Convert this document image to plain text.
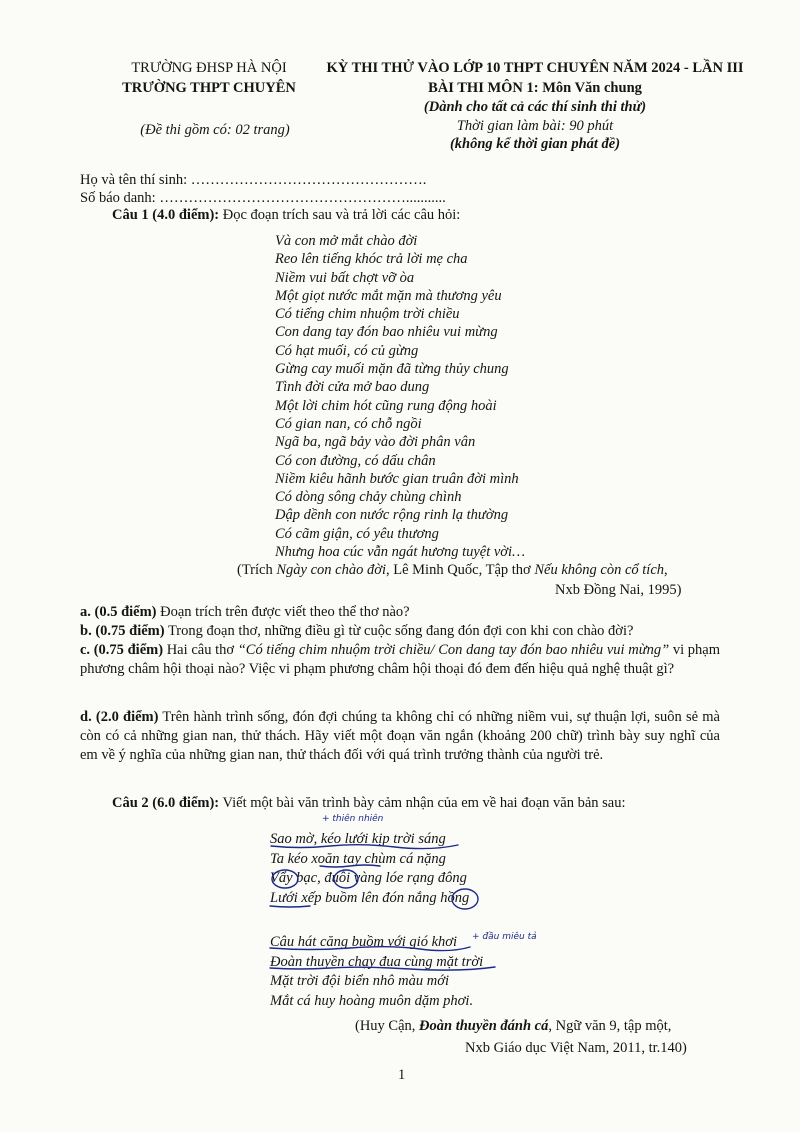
TRƯỜNG ĐHSP HÀ NỘI
TRƯỜNG THPT CHUYÊN
(Đề thi gồm có: 02 trang)
KỲ THI THỬ VÀO LỚP 10 THPT CHUYÊN NĂM 2024 - LẦN III
BÀI THI MÔN 1: Môn Văn chung
(Dành cho tất cả các thí sinh thi thử)
Thời gian làm bài: 90 phút
(không kể thời gian phát đề)
Họ và tên thí sinh: ………………………………………….
Số báo danh: ……………………………………………...........
Câu 1 (4.0 điểm): Đọc đoạn trích sau và trả lời các câu hỏi:
Và con mở mắt chào đời
Reo lên tiếng khóc trả lời mẹ cha
Niềm vui bất chợt vỡ òa
Một giọt nước mắt mặn mà thương yêu
Có tiếng chim nhuộm trời chiều
Con dang tay đón bao nhiêu vui mừng
Có hạt muối, có củ gừng
Gừng cay muối mặn đã từng thủy chung
Tình đời cửa mở bao dung
Một lời chim hót cũng rung động hoài
Có gian nan, có chỗ ngồi
Ngã ba, ngã bảy vào đời phân vân
Có con đường, có dấu chân
Niềm kiêu hãnh bước gian truân đời mình
Có dòng sông chảy chùng chình
Dập dềnh con nước rộng rinh lạ thường
Có cãm giận, có yêu thương
Nhưng hoa cúc vẫn ngát hương tuyệt vời…
(Trích Ngày con chào đời, Lê Minh Quốc, Tập thơ Nếu không còn cổ tích,
Nxb Đồng Nai, 1995)
a. (0.5 điểm) Đoạn trích trên được viết theo thể thơ nào?
b. (0.75 điểm) Trong đoạn thơ, những điều gì từ cuộc sống đang đón đợi con khi con chào đời?
c. (0.75 điểm) Hai câu thơ “Có tiếng chim nhuộm trời chiều/ Con dang tay đón bao nhiêu vui mừng” vi phạm phương châm hội thoại nào? Việc vi phạm phương châm hội thoại đó đem đến hiệu quả nghệ thuật gì?
d. (2.0 điểm) Trên hành trình sống, đón đợi chúng ta không chỉ có những niềm vui, sự thuận lợi, suôn sẻ mà còn có cả những gian nan, thử thách. Hãy viết một đoạn văn ngắn (khoảng 200 chữ) trình bày suy nghĩ của em về ý nghĩa của những gian nan, thử thách đối với quá trình trưởng thành của người trẻ.
Câu 2 (6.0 điểm): Viết một bài văn trình bày cảm nhận của em về hai đoạn văn bản sau:
Sao mờ, kéo lưới kịp trời sáng
Ta kéo xoăn tay chùm cá nặng
Vẩy bạc, đuôi vàng lóe rạng đông
Lưới xếp buồm lên đón nắng hồng
Câu hát căng buồm với gió khơi
Đoàn thuyền chạy đua cùng mặt trời
Mặt trời đội biển nhô màu mới
Mắt cá huy hoàng muôn dặm phơi.
(Huy Cận, Đoàn thuyền đánh cá, Ngữ văn 9, tập một,
Nxb Giáo dục Việt Nam, 2011, tr.140)
+ thiên nhiên
+ đầu miêu tả
1
